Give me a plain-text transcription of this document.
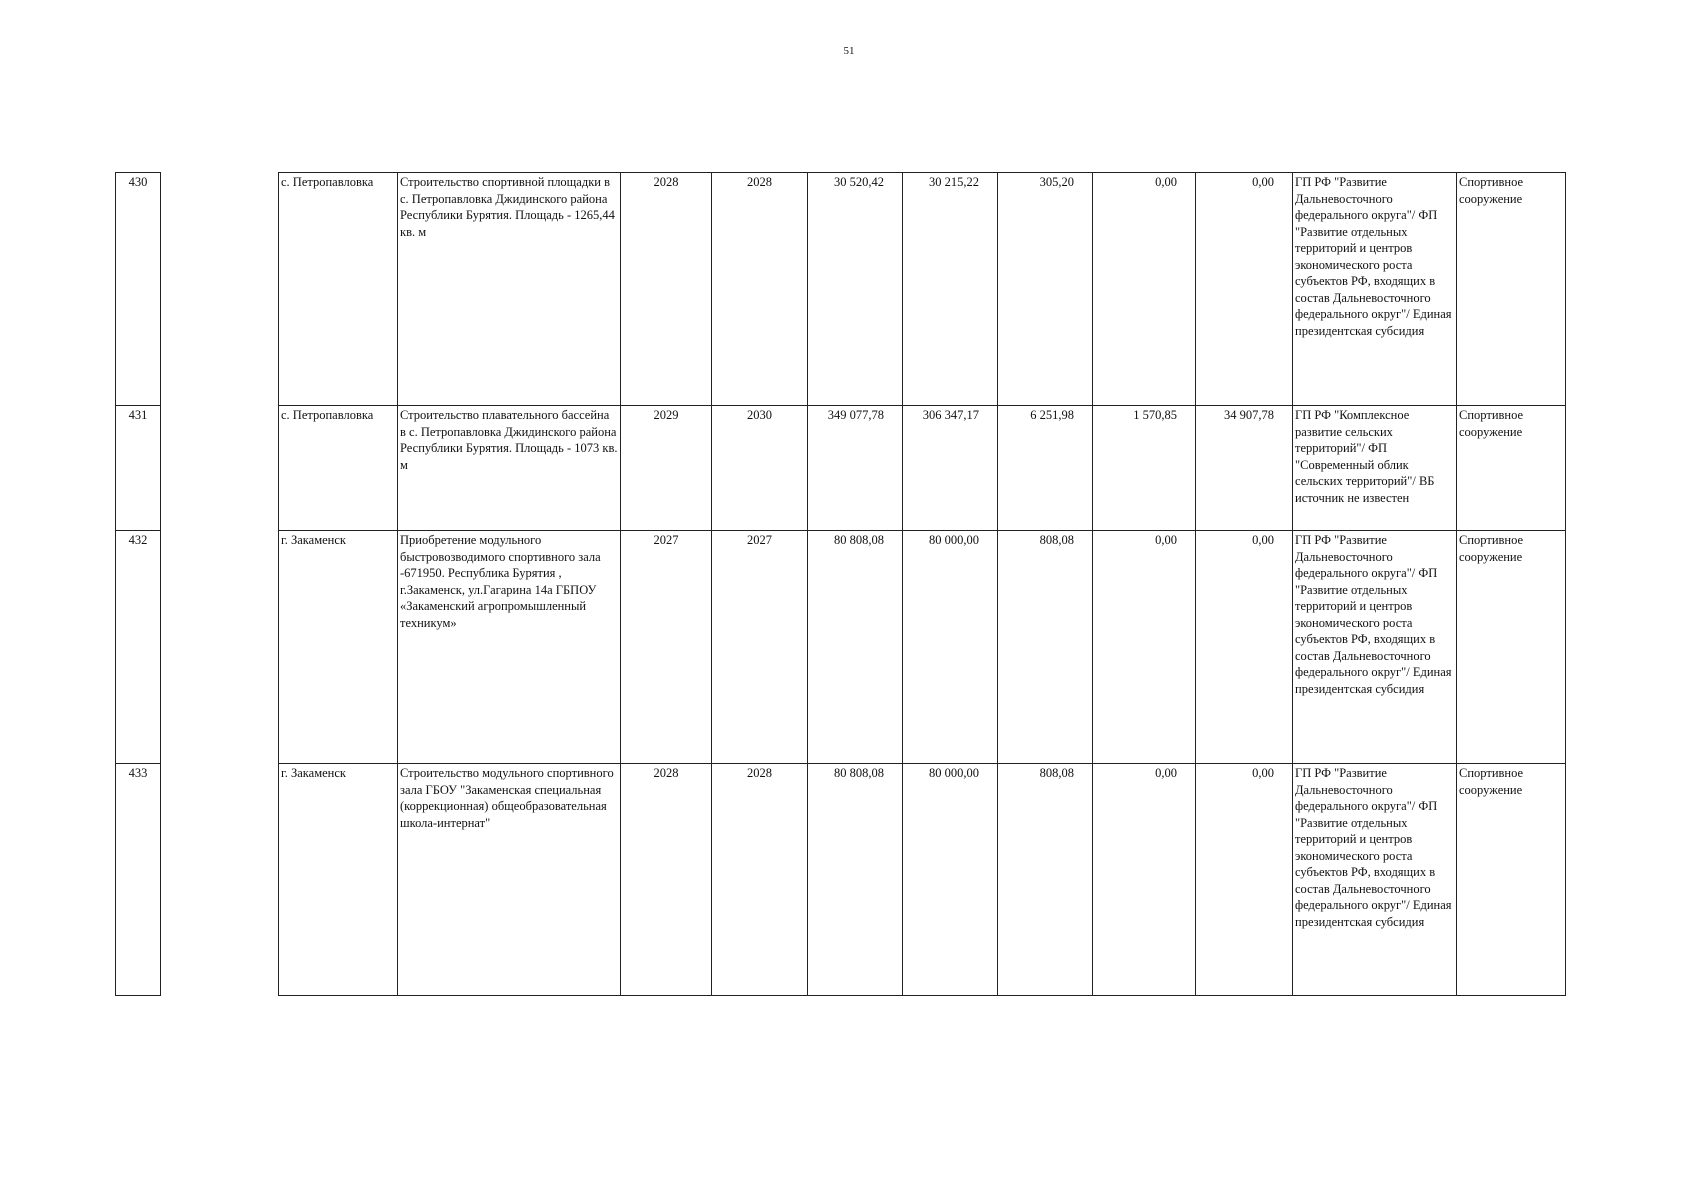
51
430		с. Петропавловка	Строительство спортивной площадки в с. Петропавловка Джидинского района Республики Бурятия. Площадь - 1265,44 кв. м	2028	2028	30 520,42	30 215,22	305,20	0,00	0,00	ГП РФ "Развитие Дальневосточного федерального округа"/ ФП "Развитие отдельных территорий и центров экономического роста субъектов РФ, входящих в состав Дальневосточного федерального округ"/ Единая президентская субсидия	Спортивное сооружение
431		с. Петропавловка	Строительство плавательного бассейна в с. Петропавловка Джидинского района Республики Бурятия. Площадь - 1073 кв. м	2029	2030	349 077,78	306 347,17	6 251,98	1 570,85	34 907,78	ГП РФ "Комплексное развитие сельских территорий"/ ФП "Современный облик сельских территорий"/ ВБ источник не известен	Спортивное сооружение
432		г. Закаменск	Приобретение модульного быстровозводимого спортивного зала -671950. Республика Бурятия , г.Закаменск, ул.Гагарина 14а ГБПОУ «Закаменский агропромышленный техникум»	2027	2027	80 808,08	80 000,00	808,08	0,00	0,00	ГП РФ "Развитие Дальневосточного федерального округа"/ ФП "Развитие отдельных территорий и центров экономического роста субъектов РФ, входящих в состав Дальневосточного федерального округ"/ Единая президентская субсидия	Спортивное сооружение
433		г. Закаменск	Строительство модульного спортивного зала ГБОУ "Закаменская специальная (коррекционная) общеобразовательная школа-интернат"	2028	2028	80 808,08	80 000,00	808,08	0,00	0,00	ГП РФ "Развитие Дальневосточного федерального округа"/ ФП "Развитие отдельных территорий и центров экономического роста субъектов РФ, входящих в состав Дальневосточного федерального округ"/ Единая президентская субсидия	Спортивное сооружение
